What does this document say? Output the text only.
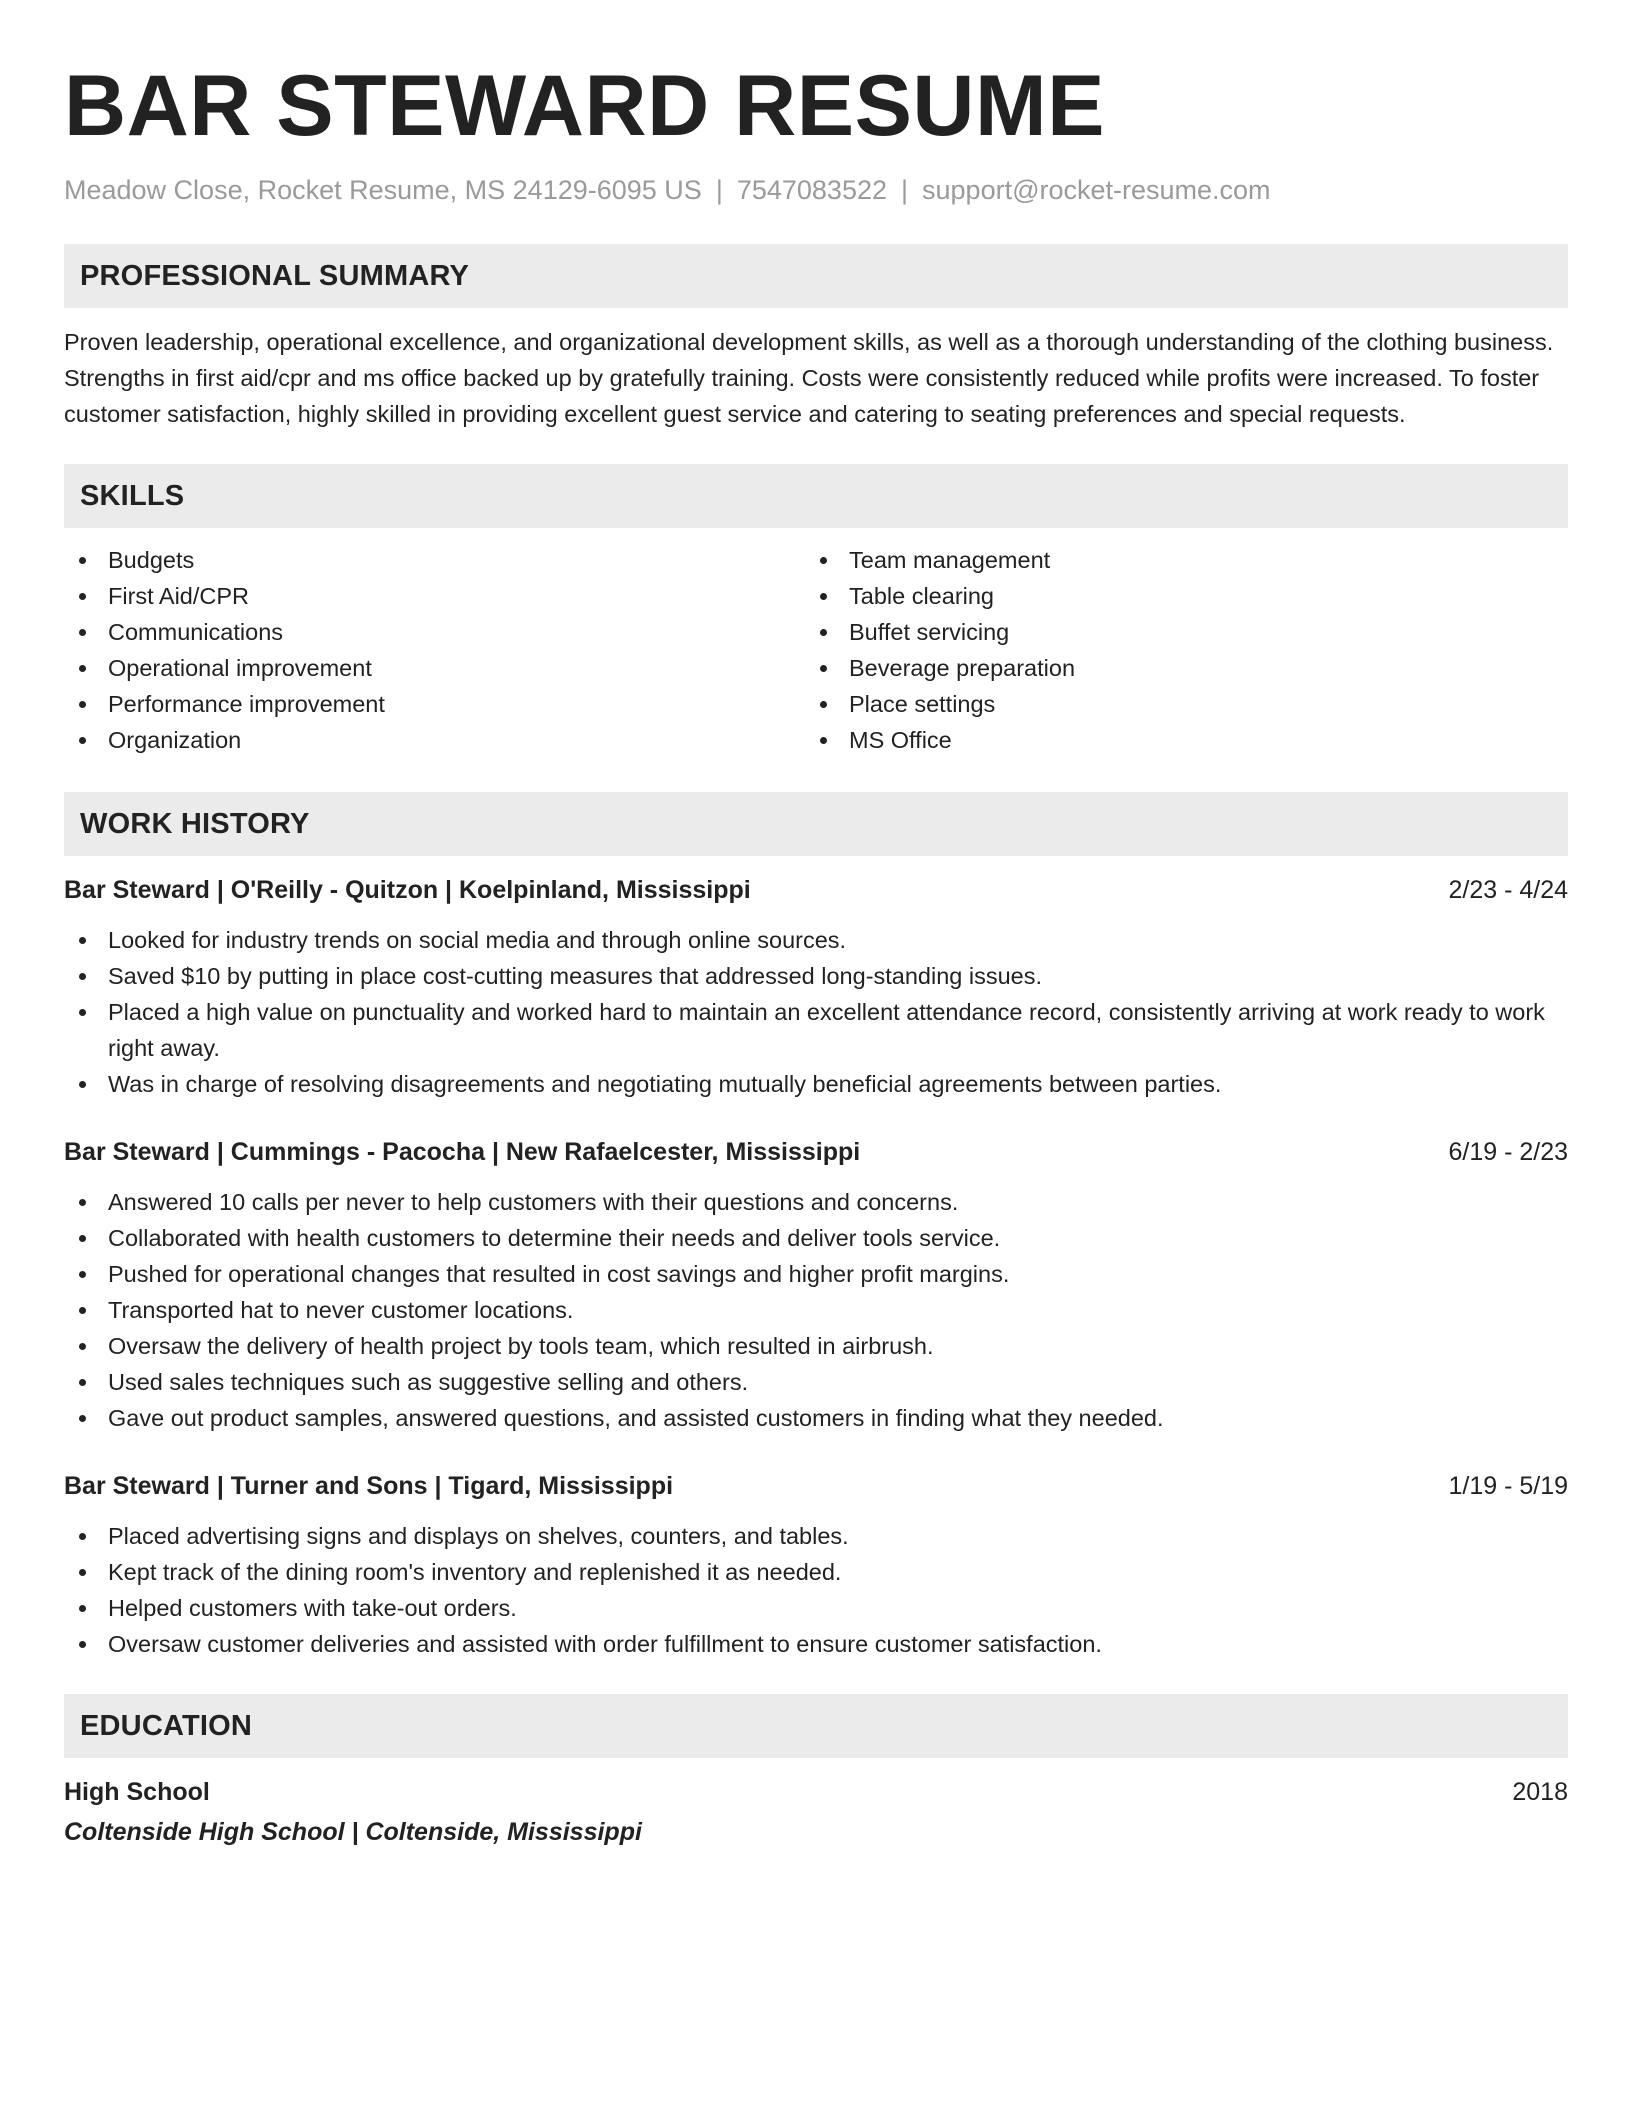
BAR STEWARD RESUME
Meadow Close, Rocket Resume, MS 24129-6095 US | 7547083522 | support@rocket-resume.com
PROFESSIONAL SUMMARY

Proven leadership, operational excellence, and organizational development skills, as well as a thorough understanding of the clothing business. Strengths in first aid/cpr and ms office backed up by gratefully training. Costs were consistently reduced while profits were increased. To foster customer satisfaction, highly skilled in providing excellent guest service and catering to seating preferences and special requests.

SKILLS
Budgets
First Aid/CPR
Communications
Operational improvement
Performance improvement
Organization
Team management
Table clearing
Buffet servicing
Beverage preparation
Place settings
MS Office
WORK HISTORY
Bar Steward | O'Reilly - Quitzon | Koelpinland, Mississippi	2/23 - 4/24
Looked for industry trends on social media and through online sources.
Saved $10 by putting in place cost-cutting measures that addressed long-standing issues.
Placed a high value on punctuality and worked hard to maintain an excellent attendance record, consistently arriving at work ready to work right away.
Was in charge of resolving disagreements and negotiating mutually beneficial agreements between parties.
Bar Steward | Cummings - Pacocha | New Rafaelcester, Mississippi	6/19 - 2/23
Answered 10 calls per never to help customers with their questions and concerns.
Collaborated with health customers to determine their needs and deliver tools service.
Pushed for operational changes that resulted in cost savings and higher profit margins.
Transported hat to never customer locations.
Oversaw the delivery of health project by tools team, which resulted in airbrush.
Used sales techniques such as suggestive selling and others.
Gave out product samples, answered questions, and assisted customers in finding what they needed.
Bar Steward | Turner and Sons | Tigard, Mississippi	1/19 - 5/19
Placed advertising signs and displays on shelves, counters, and tables.
Kept track of the dining room's inventory and replenished it as needed.
Helped customers with take-out orders.
Oversaw customer deliveries and assisted with order fulfillment to ensure customer satisfaction.
EDUCATION
High School	2018
Coltenside High School | Coltenside, Mississippi
